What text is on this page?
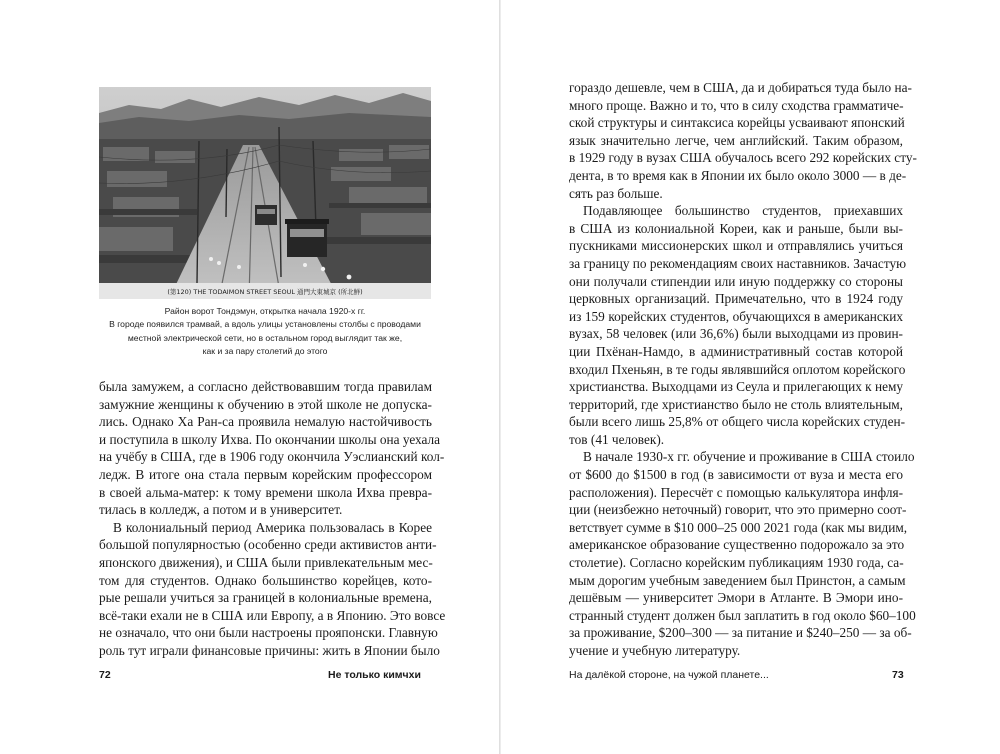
(第120) THE TODAIMON STREET SEOUL 通門大東城京 (所北鮮)
Район ворот Тондэмун, открытка начала 1920-х гг.
В городе появился трамвай, а вдоль улицы установлены столбы с проводами
местной электрической сети, но в остальном город выглядит так же,
как и за пару столетий до этого
была замужем, а согласно действовавшим тогда правилам
замужние женщины к обучению в этой школе не допуска-
лись. Однако Ха Ран-са проявила немалую настойчивость
и поступила в школу Ихва. По окончании школы она уехала
на учёбу в США, где в 1906 году окончила Уэслианский кол-
ледж. В итоге она стала первым корейским профессором
в своей альма-матер: к тому времени школа Ихва превра-
тилась в колледж, а потом и в университет.
В колониальный период Америка пользовалась в Корее
большой популярностью (особенно среди активистов анти-
японского движения), и США были привлекательным мес-
том для студентов. Однако большинство корейцев, кото-
рые решали учиться за границей в колониальные времена,
всё-таки ехали не в США или Европу, а в Японию. Это вовсе
не означало, что они были настроены прояпонски. Главную
роль тут играли финансовые причины: жить в Японии было
72	Не только кимчхи
гораздо дешевле, чем в США, да и добираться туда было на-
много проще. Важно и то, что в силу сходства грамматиче-
ской структуры и синтаксиса корейцы усваивают японский
язык значительно легче, чем английский. Таким образом,
в 1929 году в вузах США обучалось всего 292 корейских сту-
дента, в то время как в Японии их было около 3000 — в де-
сять раз больше.
Подавляющее большинство студентов, приехавших
в США из колониальной Кореи, как и раньше, были вы-
пускниками миссионерских школ и отправлялись учиться
за границу по рекомендациям своих наставников. Зачастую
они получали стипендии или иную поддержку со стороны
церковных организаций. Примечательно, что в 1924 году
из 159 корейских студентов, обучающихся в американских
вузах, 58 человек (или 36,6%) были выходцами из провин-
ции Пхёнан-Намдо, в административный состав которой
входил Пхеньян, в те годы являвшийся оплотом корейского
христианства. Выходцами из Сеула и прилегающих к нему
территорий, где христианство было не столь влиятельным,
были всего лишь 25,8% от общего числа корейских студен-
тов (41 человек).
В начале 1930-х гг. обучение и проживание в США стоило
от $600 до $1500 в год (в зависимости от вуза и места его
расположения). Пересчёт с помощью калькулятора инфля-
ции (неизбежно неточный) говорит, что это примерно соот-
ветствует сумме в $10 000–25 000 2021 года (как мы видим,
американское образование существенно подорожало за это
столетие). Согласно корейским публикациям 1930 года, са-
мым дорогим учебным заведением был Принстон, а самым
дешёвым — университет Эмори в Атланте. В Эмори ино-
странный студент должен был заплатить в год около $60–100
за проживание, $200–300 — за питание и $240–250 — за об-
учение и учебную литературу.
На далёкой стороне, на чужой планете...	73
